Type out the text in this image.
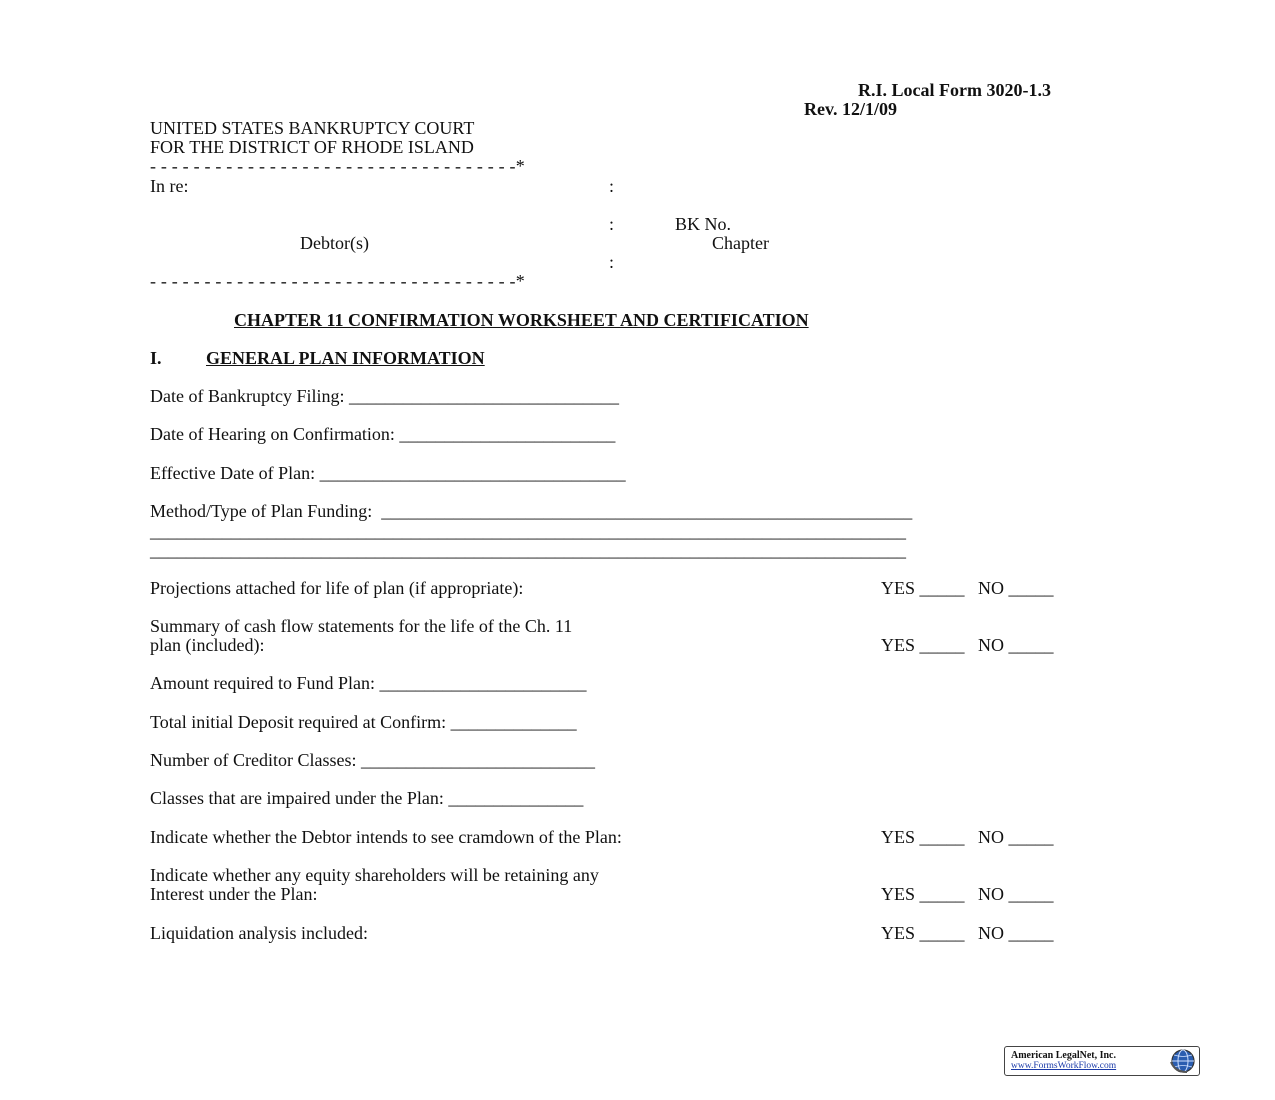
R.I. Local Form 3020-1.3
Rev. 12/1/09
UNITED STATES BANKRUPTCY COURT
FOR THE DISTRICT OF RHODE ISLAND
- - - - - - - - - - - - - - - - - - - - - - - - - - - - - - - - - -*
In re:	:
:	BK No.
Debtor(s)	Chapter
:
- - - - - - - - - - - - - - - - - - - - - - - - - - - - - - - - - -*
CHAPTER 11 CONFIRMATION WORKSHEET AND CERTIFICATION
I. GENERAL PLAN INFORMATION
Date of Bankruptcy Filing: ______________________________
Date of Hearing on Confirmation: ________________________
Effective Date of Plan: __________________________________
Method/Type of Plan Funding:  ___________________________________________________________
____________________________________________________________________________________
____________________________________________________________________________________
Projections attached for life of plan (if appropriate):	YES _____   NO _____
Summary of cash flow statements for the life of the Ch. 11
plan (included):	YES _____   NO _____
Amount required to Fund Plan: _______________________
Total initial Deposit required at Confirm: ______________
Number of Creditor Classes: __________________________
Classes that are impaired under the Plan: _______________
Indicate whether the Debtor intends to see cramdown of the Plan:	YES _____   NO _____
Indicate whether any equity shareholders will be retaining any
Interest under the Plan:	YES _____   NO _____
Liquidation analysis included:	YES _____   NO _____
American LegalNet, Inc.
www.FormsWorkFlow.com
